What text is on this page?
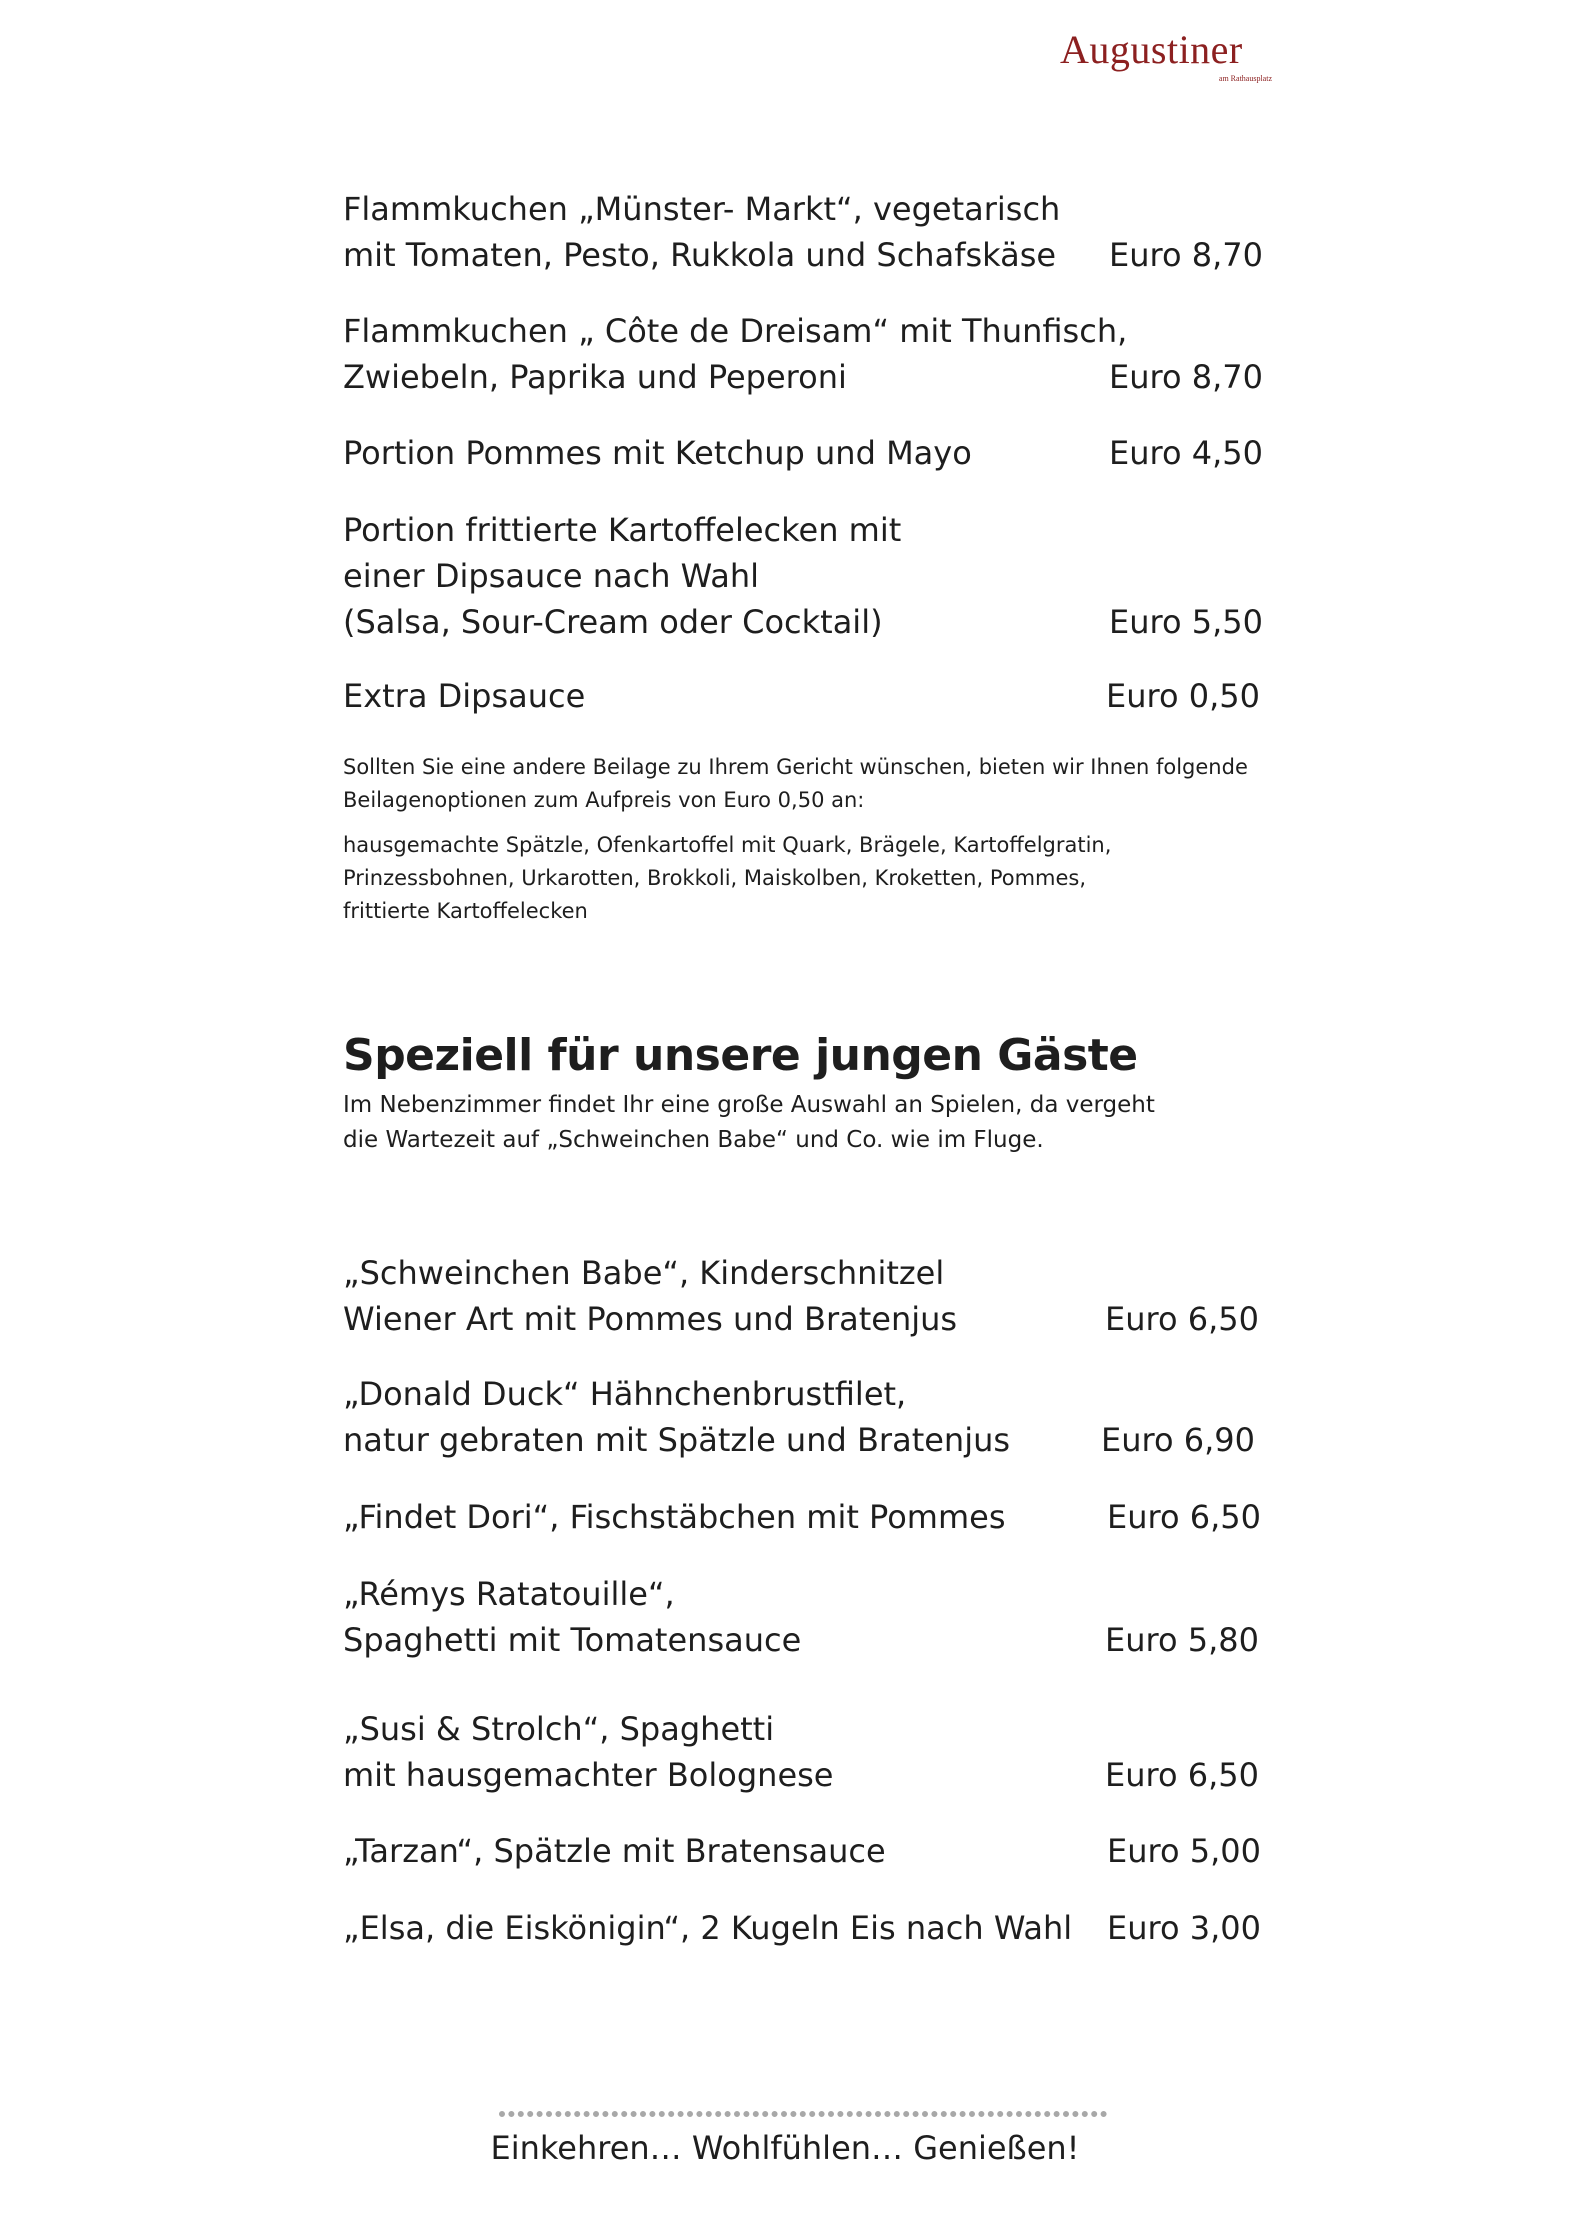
Augustiner
am Rathausplatz
Flammkuchen „Münster- Markt“, vegetarisch
mit Tomaten, Pesto, Rukkola und Schafskäse	Euro 8,70
Flammkuchen „ Côte de Dreisam“ mit Thunfisch,
Zwiebeln, Paprika und Peperoni	Euro 8,70
Portion Pommes mit Ketchup und Mayo	Euro 4,50
Portion frittierte Kartoffelecken mit
einer Dipsauce nach Wahl
(Salsa, Sour-Cream oder Cocktail)	Euro 5,50
Extra Dipsauce	Euro 0,50
Sollten Sie eine andere Beilage zu Ihrem Gericht wünschen, bieten wir Ihnen folgende
Beilagenoptionen zum Aufpreis von Euro 0,50 an:
hausgemachte Spätzle, Ofenkartoffel mit Quark, Brägele, Kartoffelgratin,
Prinzessbohnen, Urkarotten, Brokkoli, Maiskolben, Kroketten, Pommes,
frittierte Kartoffelecken
Speziell für unsere jungen Gäste
Im Nebenzimmer findet Ihr eine große Auswahl an Spielen, da vergeht
die Wartezeit auf „Schweinchen Babe“ und Co. wie im Fluge.
„Schweinchen Babe“, Kinderschnitzel
Wiener Art mit Pommes und Bratenjus	Euro 6,50
„Donald Duck“ Hähnchenbrustfilet,
natur gebraten mit Spätzle und Bratenjus	Euro 6,90
„Findet Dori“, Fischstäbchen mit Pommes	Euro 6,50
„Rémys Ratatouille“,
Spaghetti mit Tomatensauce	Euro 5,80
„Susi & Strolch“, Spaghetti
mit hausgemachter Bolognese	Euro 6,50
„Tarzan“, Spätzle mit Bratensauce	Euro 5,00
„Elsa, die Eiskönigin“, 2 Kugeln Eis nach Wahl	Euro 3,00
Einkehren… Wohlfühlen… Genießen!
